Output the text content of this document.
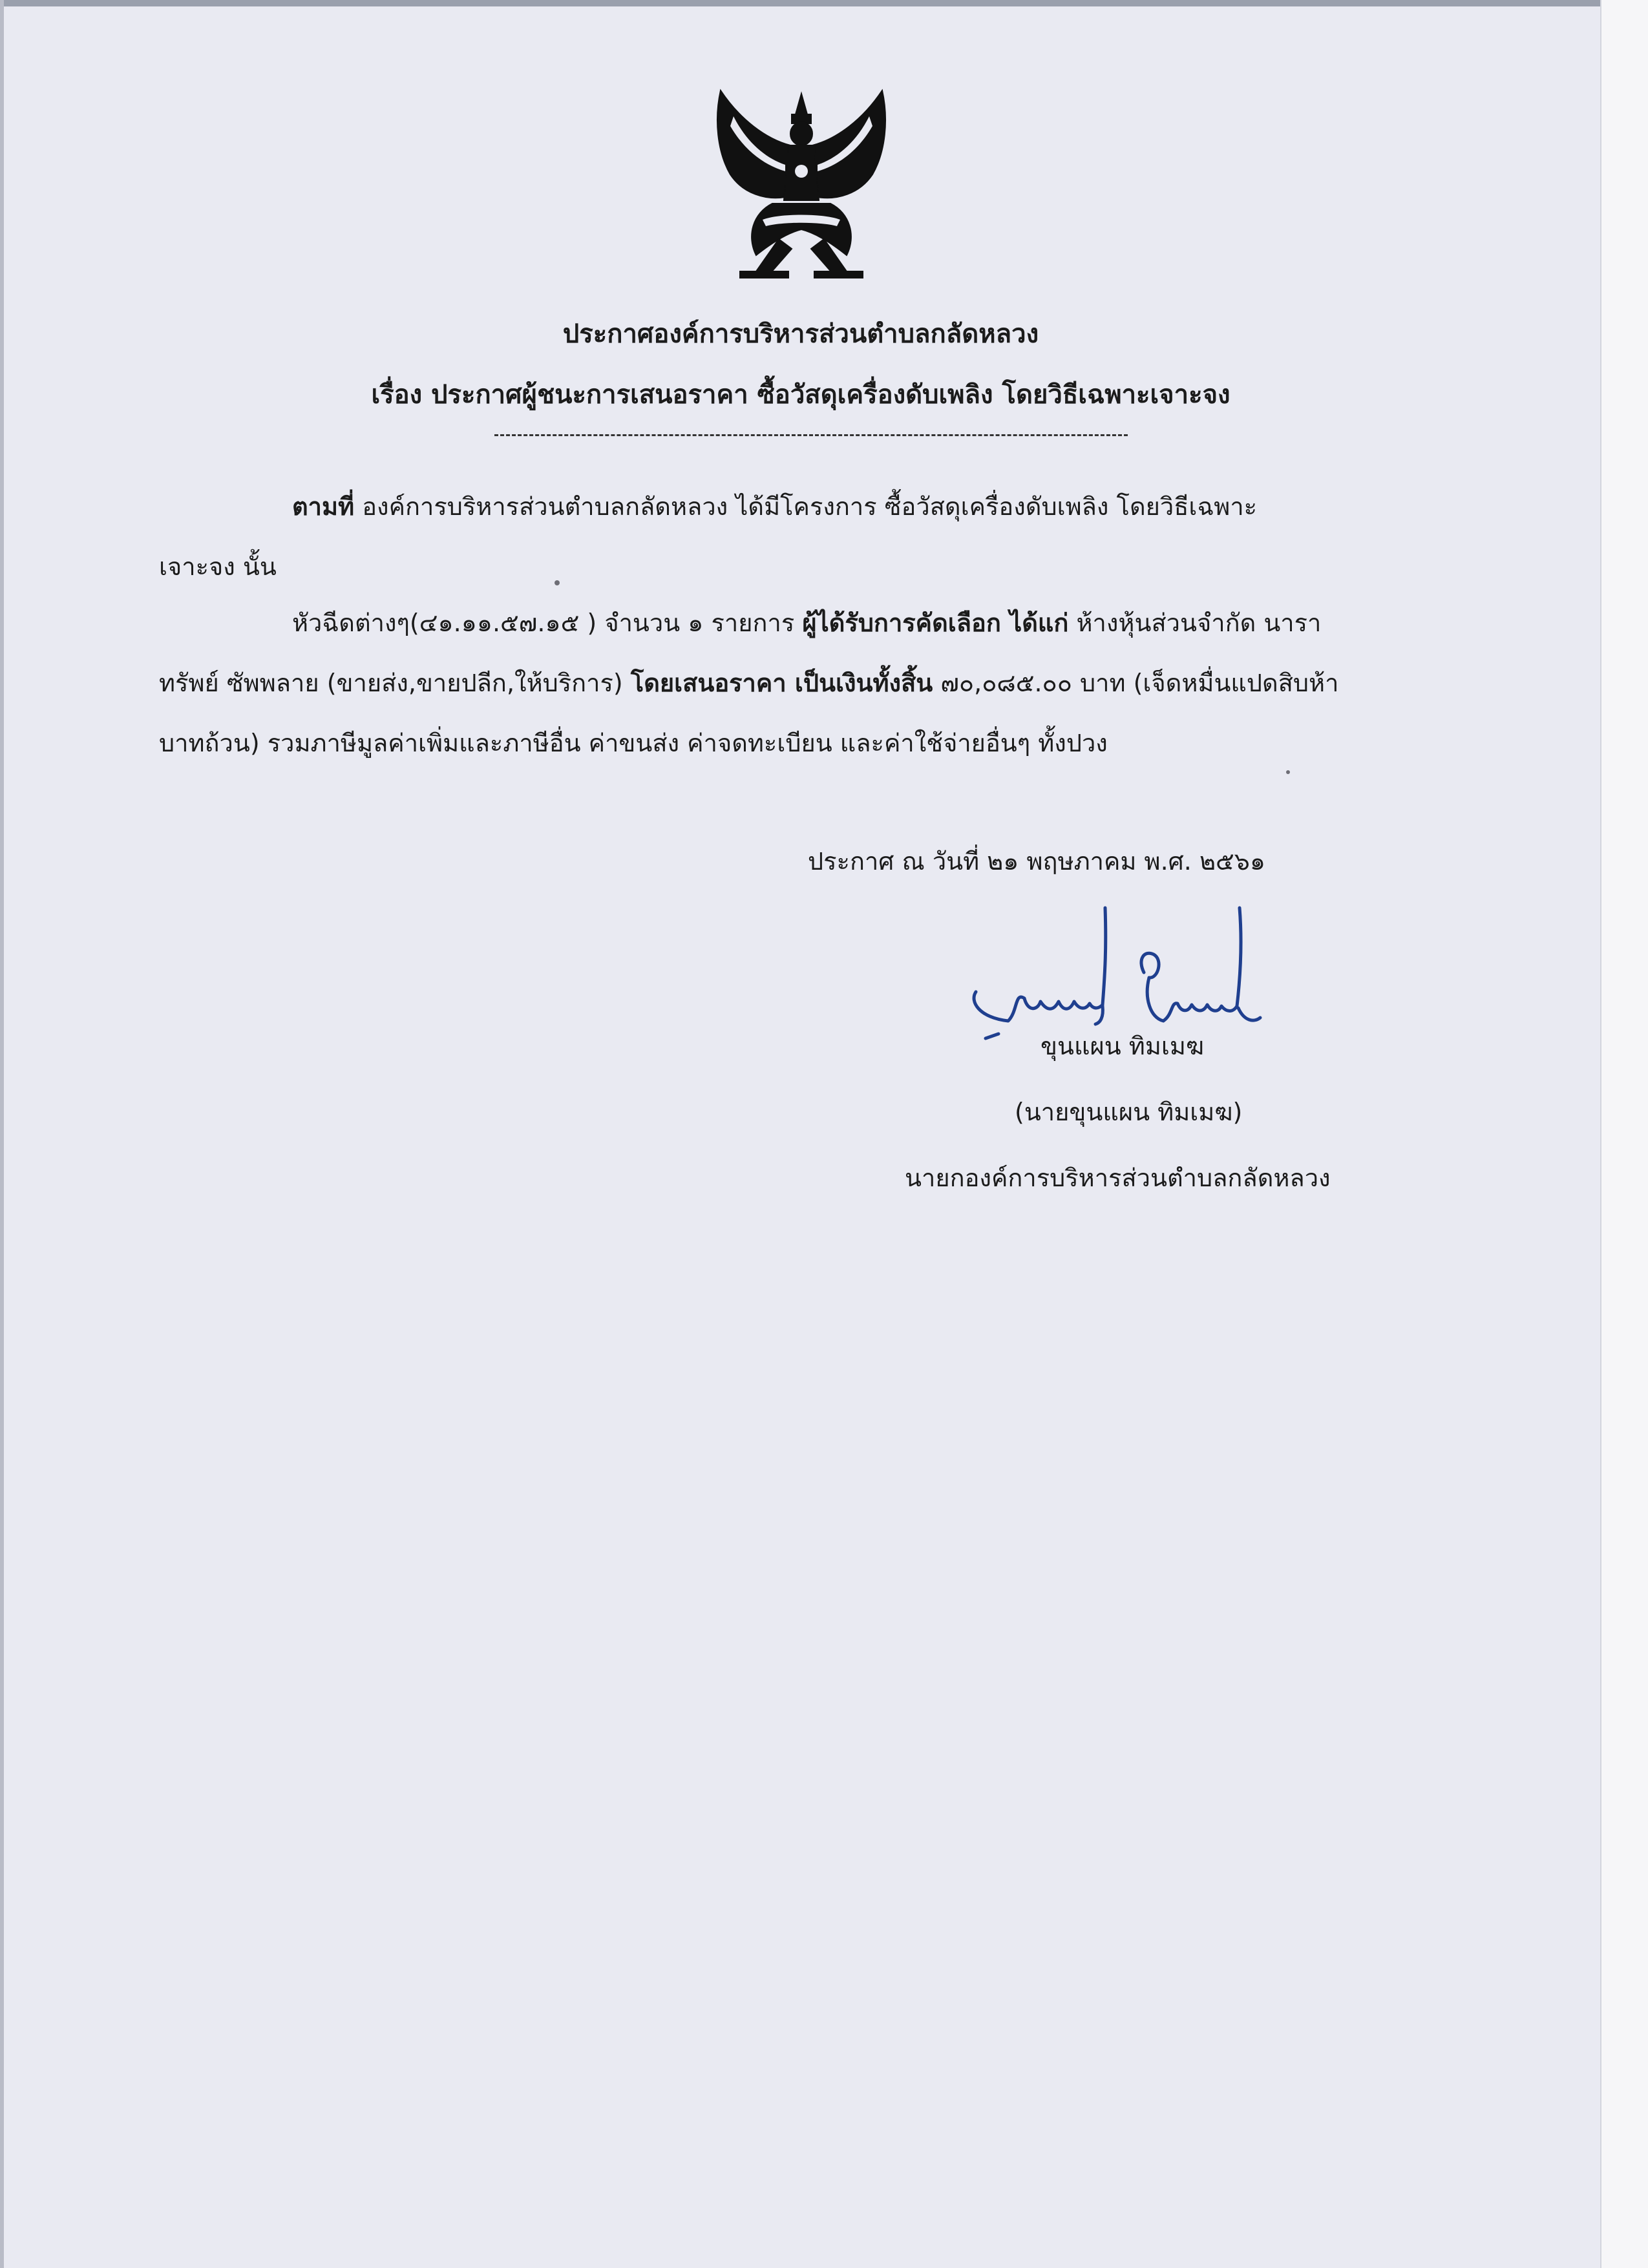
ประกาศองค์การบริหารส่วนตำบลกลัดหลวง
เรื่อง ประกาศผู้ชนะการเสนอราคา ซื้อวัสดุเครื่องดับเพลิง โดยวิธีเฉพาะเจาะจง
ตามที่ องค์การบริหารส่วนตำบลกลัดหลวง ได้มีโครงการ ซื้อวัสดุเครื่องดับเพลิง โดยวิธีเฉพาะ
เจาะจง นั้น
หัวฉีดต่างๆ(๔๑.๑๑.๕๗.๑๕ ) จำนวน ๑ รายการ ผู้ได้รับการคัดเลือก ได้แก่ ห้างหุ้นส่วนจำกัด นารา
ทรัพย์ ซัพพลาย (ขายส่ง,ขายปลีก,ให้บริการ) โดยเสนอราคา เป็นเงินทั้งสิ้น ๗๐,๐๘๕.๐๐ บาท (เจ็ดหมื่นแปดสิบห้า
บาทถ้วน) รวมภาษีมูลค่าเพิ่มและภาษีอื่น ค่าขนส่ง ค่าจดทะเบียน และค่าใช้จ่ายอื่นๆ ทั้งปวง
ประกาศ ณ วันที่ ๒๑ พฤษภาคม พ.ศ. ๒๕๖๑
ขุนแผน ทิมเมฆ
(นายขุนแผน ทิมเมฆ)
นายกองค์การบริหารส่วนตำบลกลัดหลวง
